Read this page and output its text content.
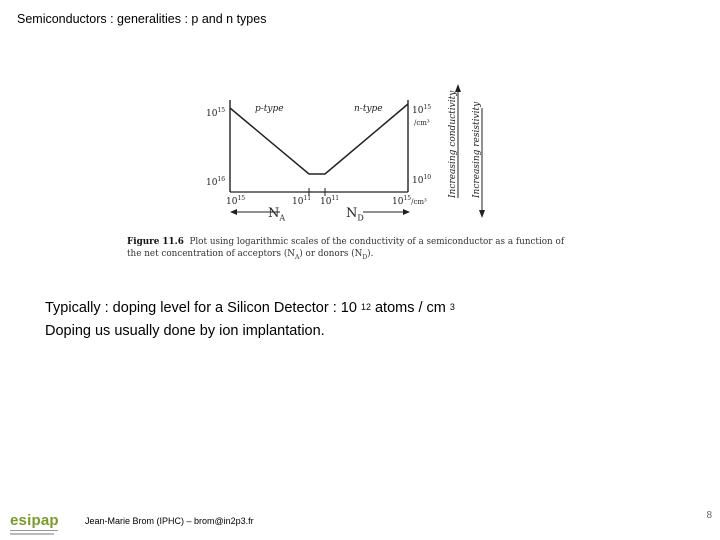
Semiconductors : generalities : p and n types
p-type	n-type
$10^{15}$
$10^{16}$
$10^{15}$
/cm³
$10^{10}$
$10^{15}$	$10^{11}$ $10^{11}$	$10^{15}$/cm³
$N_A$	$N_D$
Increasing conductivity Increasing resistivity
Figure 11.6 Plot using logarithmic scales of the conductivity of a semiconductor as a function of the net concentration of acceptors $(N_A)$ or donors $(N_D)$.
Typically : doping level for a Silicon Detector : 10 $^{12}$ atoms / cm $^3$
Doping us usually done by ion implantation.
esipap	Jean-Marie Brom (IPHC) – brom@in2p3.fr	8
